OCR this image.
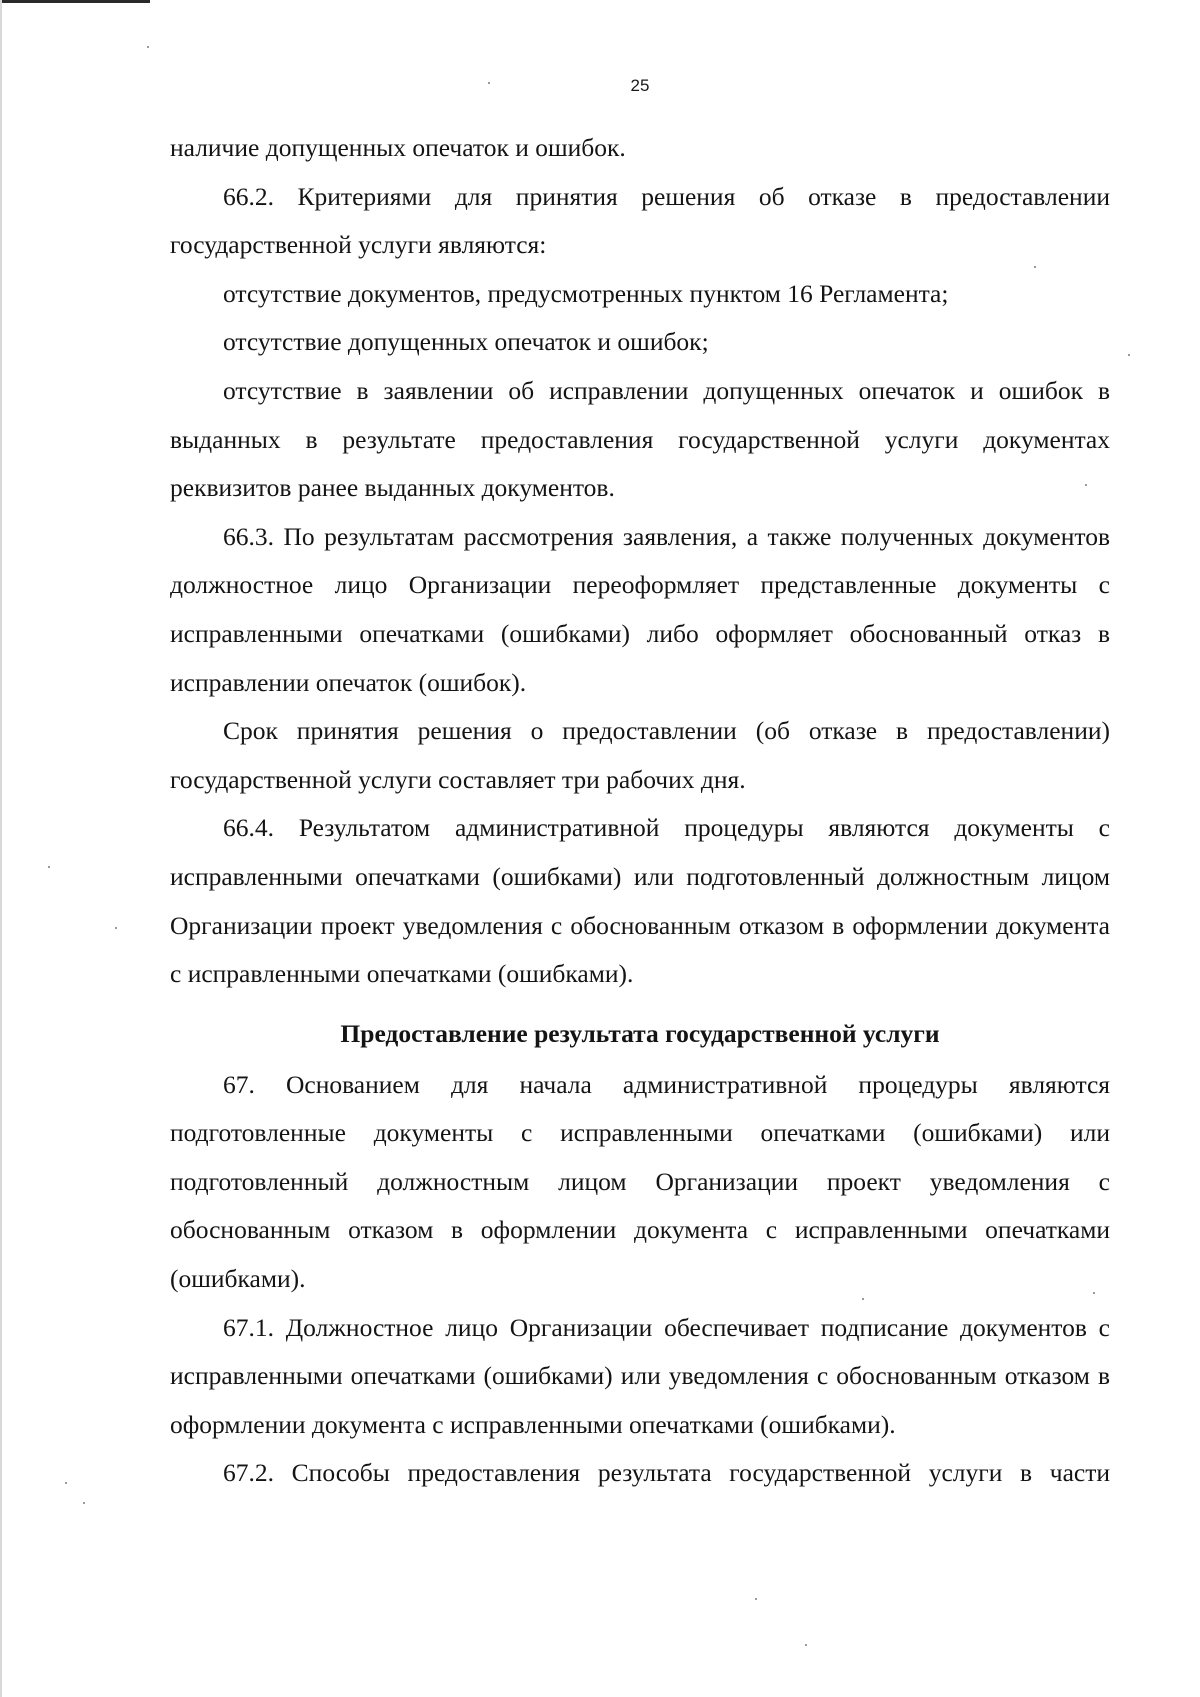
25

наличие допущенных опечаток и ошибок.

66.2. Критериями для принятия решения об отказе в предоставлении государственной услуги являются:

отсутствие документов, предусмотренных пунктом 16 Регламента;

отсутствие допущенных опечаток и ошибок;

отсутствие в заявлении об исправлении допущенных опечаток и ошибок в выданных в результате предоставления государственной услуги документах реквизитов ранее выданных документов.

66.3. По результатам рассмотрения заявления, а также полученных документов должностное лицо Организации переоформляет представленные документы с исправленными опечатками (ошибками) либо оформляет обоснованный отказ в исправлении опечаток (ошибок).

Срок принятия решения о предоставлении (об отказе в предоставлении) государственной услуги составляет три рабочих дня.

66.4. Результатом административной процедуры являются документы с исправленными опечатками (ошибками) или подготовленный должностным лицом Организации проект уведомления с обоснованным отказом в оформлении документа с исправленными опечатками (ошибками).

Предоставление результата государственной услуги

67. Основанием для начала административной процедуры являются подготовленные документы с исправленными опечатками (ошибками) или подготовленный должностным лицом Организации проект уведомления с обоснованным отказом в оформлении документа с исправленными опечатками (ошибками).

67.1. Должностное лицо Организации обеспечивает подписание документов с исправленными опечатками (ошибками) или уведомления с обоснованным отказом в оформлении документа с исправленными опечатками (ошибками).

67.2. Способы предоставления результата государственной услуги в части
